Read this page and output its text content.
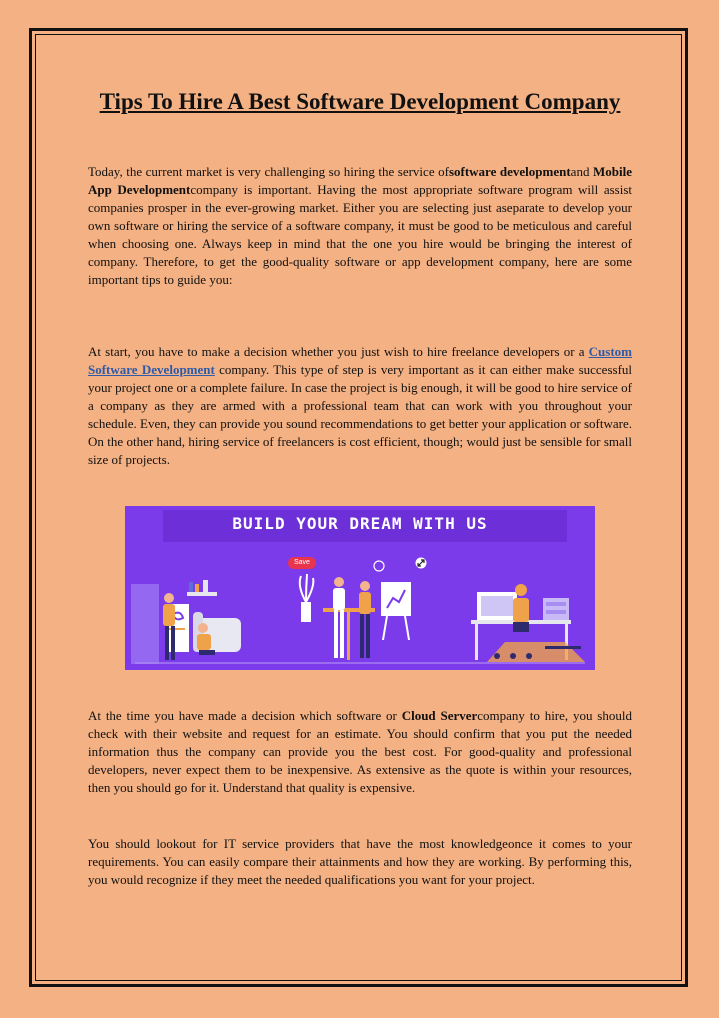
Tips To Hire A Best Software Development Company

Today, the current market is very challenging so hiring the service ofsoftware developmentand Mobile App Developmentcompany is important. Having the most appropriate software program will assist companies prosper in the ever-growing market. Either you are selecting just aseparate to develop your own software or hiring the service of a software company, it must be good to be meticulous and careful when choosing one. Always keep in mind that the one you hire would be bringing the interest of company. Therefore, to get the good-quality software or app development company, here are some important tips to guide you:

At start, you have to make a decision whether you just wish to hire freelance developers or a Custom Software Development company. This type of step is very important as it can either make successful your project one or a complete failure. In case the project is big enough, it will be good to hire service of a company as they are armed with a professional team that can work with you throughout your schedule. Even, they can provide you sound recommendations to get better your application or software. On the other hand, hiring service of freelancers is cost efficient, though; would just be sensible for small size of projects.

BUILD YOUR DREAM WITH US
Save

At the time you have made a decision which software or Cloud Servercompany to hire, you should check with their website and request for an estimate. You should confirm that you put the needed information thus the company can provide you the best cost. For good-quality and professional developers, never expect them to be inexpensive. As extensive as the quote is within your resources, then you should go for it. Understand that quality is expensive.

You should lookout for IT service providers that have the most knowledgeonce it comes to your requirements. You can easily compare their attainments and how they are working. By performing this, you would recognize if they meet the needed qualifications you want for your project.
